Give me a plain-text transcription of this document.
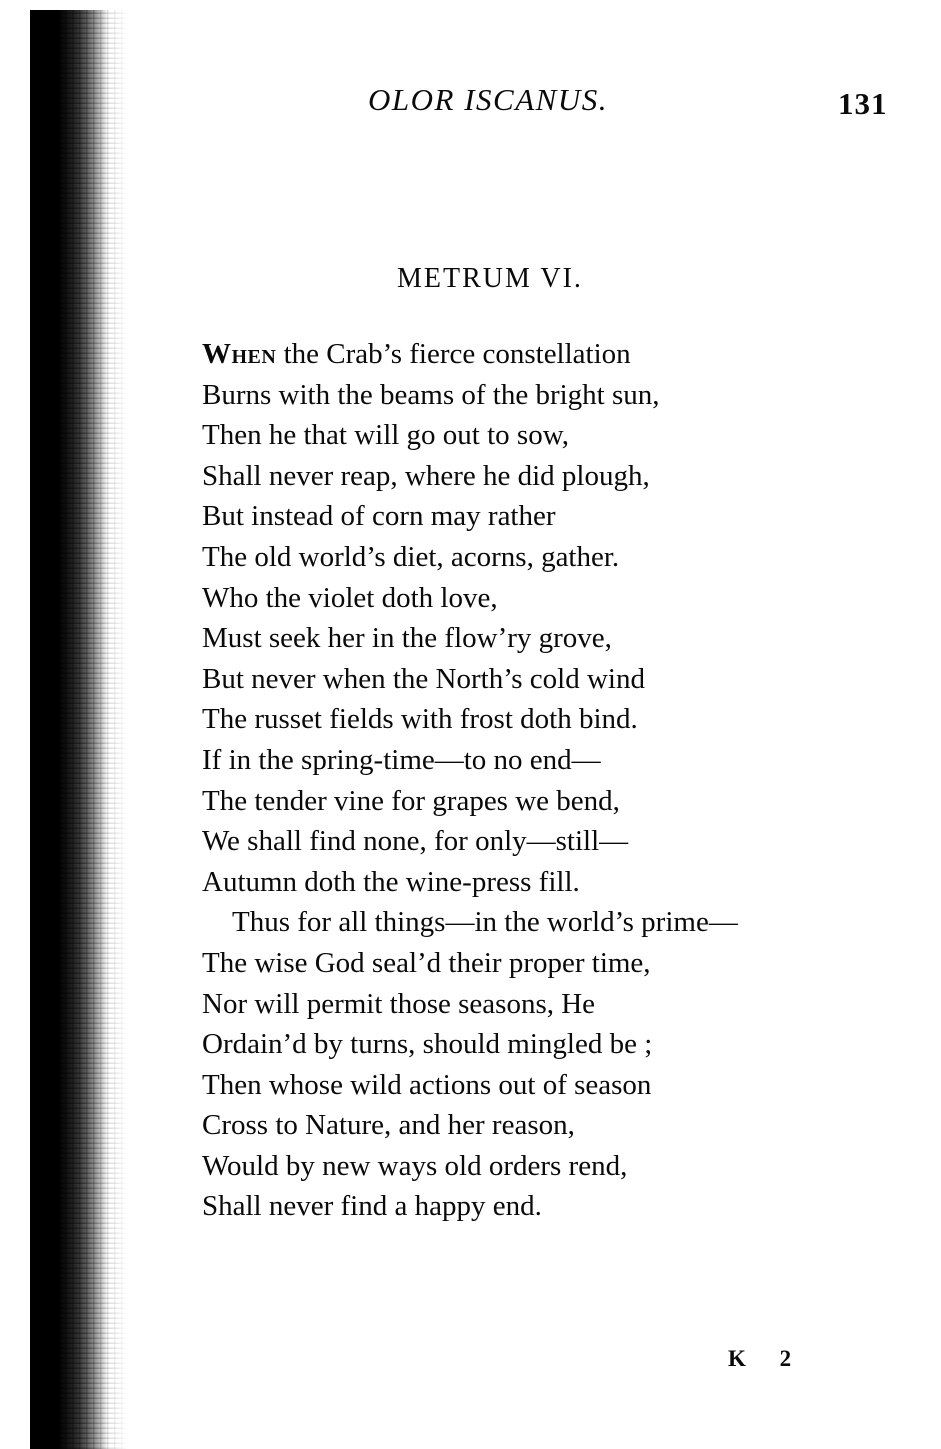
OLOR ISCANUS.	131
METRUM VI.
When the Crab’s fierce constellation
Burns with the beams of the bright sun,
Then he that will go out to sow,
Shall never reap, where he did plough,
But instead of corn may rather
The old world’s diet, acorns, gather.
Who the violet doth love,
Must seek her in the flow’ry grove,
But never when the North’s cold wind
The russet fields with frost doth bind.
If in the spring-time—to no end—
The tender vine for grapes we bend,
We shall find none, for only—still—
Autumn doth the wine-press fill.
Thus for all things—in the world’s prime—
The wise God seal’d their proper time,
Nor will permit those seasons, He
Ordain’d by turns, should mingled be ;
Then whose wild actions out of season
Cross to Nature, and her reason,
Would by new ways old orders rend,
Shall never find a happy end.
K 2
